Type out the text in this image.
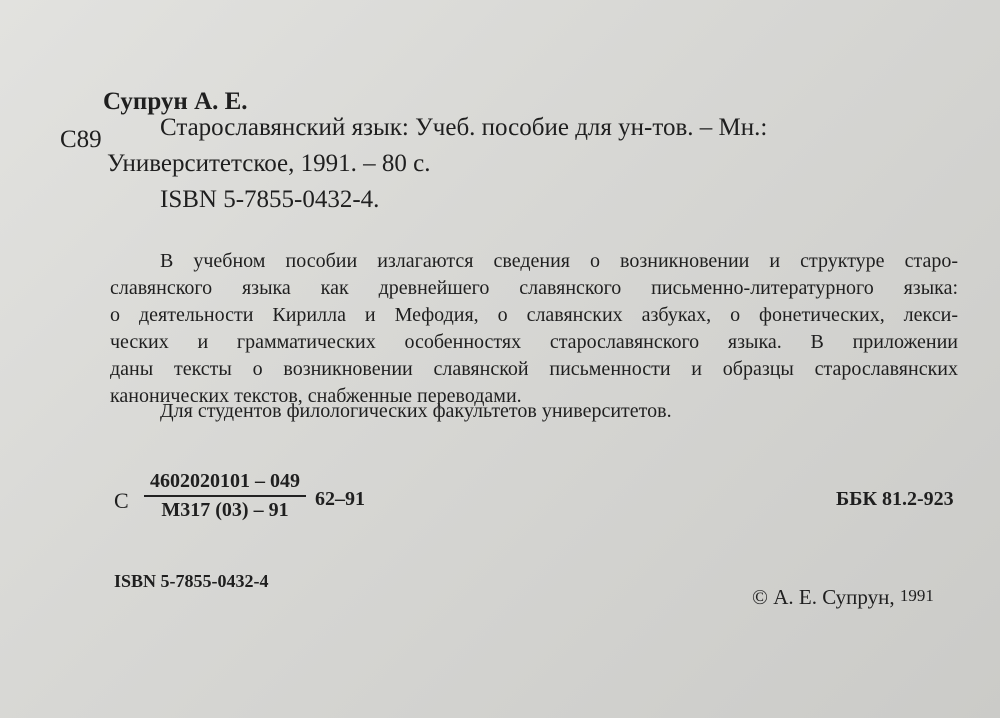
Супрун А. Е.
С89 Старославянский язык: Учеб. пособие для ун-тов. – Мн.:
Университетское, 1991. – 80 с.
ISBN 5-7855-0432-4.
В учебном пособии излагаются сведения о возникновении и структуре старо-
славянского языка как древнейшего славянского письменно-литературного языка:
о деятельности Кирилла и Мефодия, о славянских азбуках, о фонетических, лекси-
ческих и грамматических особенностях старославянского языка. В приложении
даны тексты о возникновении славянской письменности и образцы старославянских
канонических текстов, снабженные переводами.
Для студентов филологических факультетов университетов.
С
4602020101 – 049
М317 (03) – 91	62–91	ББК 81.2-923
ISBN 5-7855-0432-4
© А. Е. Супрун, 1991
